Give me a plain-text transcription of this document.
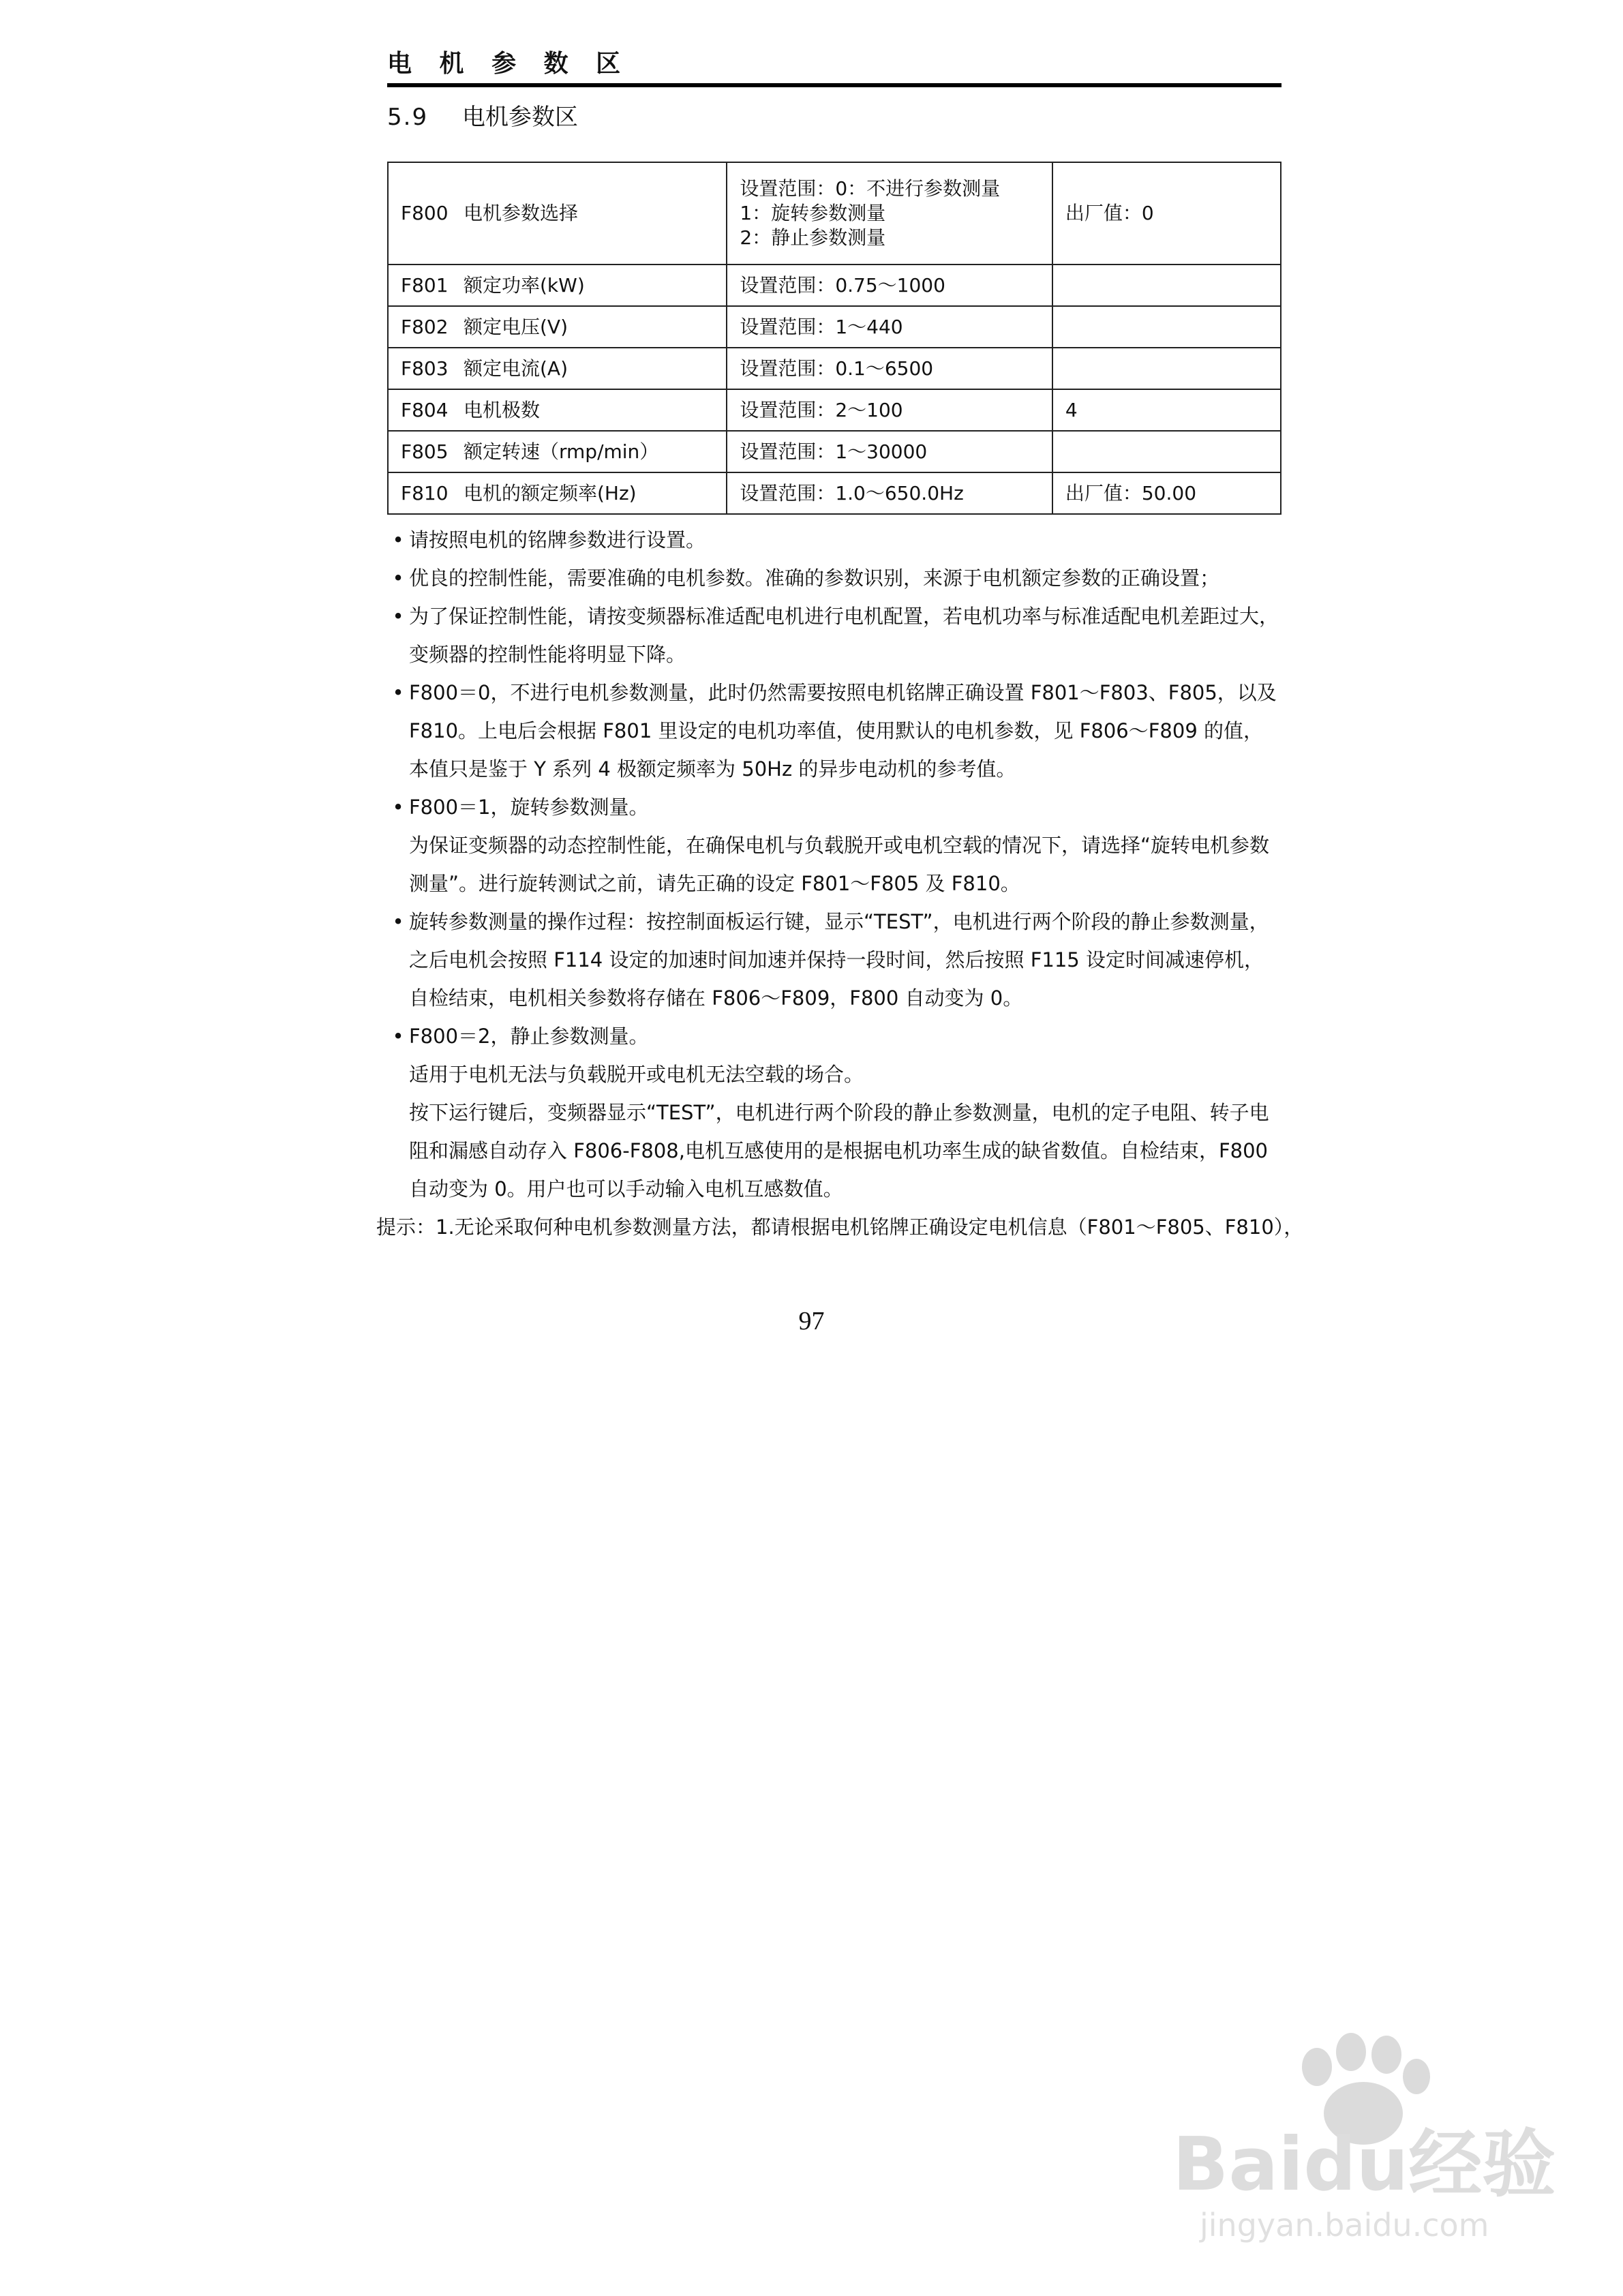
电 机 参 数 区
5.9 电机参数区
F800 电机参数选择	设置范围：0：不进行参数测量
1：旋转参数测量
2：静止参数测量	出厂值：0
F801 额定功率(kW)	设置范围：0.75～1000	
F802 额定电压(V)	设置范围：1～440	
F803 额定电流(A)	设置范围：0.1～6500	
F804 电机极数	设置范围：2～100	4
F805 额定转速（rmp/min）	设置范围：1～30000	
F810 电机的额定频率(Hz)	设置范围：1.0～650.0Hz	出厂值：50.00

• 请按照电机的铭牌参数进行设置。

• 优良的控制性能，需要准确的电机参数。准确的参数识别，来源于电机额定参数的正确设置；

• 为了保证控制性能，请按变频器标准适配电机进行电机配置，若电机功率与标准适配电机差距过大，变频器的控制性能将明显下降。

• F800＝0，不进行电机参数测量，此时仍然需要按照电机铭牌正确设置 F801～F803、F805，以及F810。上电后会根据 F801 里设定的电机功率值，使用默认的电机参数，见 F806～F809 的值，本值只是鉴于 Y 系列 4 极额定频率为 50Hz 的异步电动机的参考值。

• F800＝1，旋转参数测量。

为保证变频器的动态控制性能，在确保电机与负载脱开或电机空载的情况下，请选择“旋转电机参数测量”。进行旋转测试之前，请先正确的设定 F801～F805 及 F810。

• 旋转参数测量的操作过程：按控制面板运行键，显示“TEST”，电机进行两个阶段的静止参数测量，之后电机会按照 F114 设定的加速时间加速并保持一段时间，然后按照 F115 设定时间减速停机，自检结束，电机相关参数将存储在 F806～F809，F800 自动变为 0。

• F800＝2，静止参数测量。

适用于电机无法与负载脱开或电机无法空载的场合。

按下运行键后，变频器显示“TEST”，电机进行两个阶段的静止参数测量，电机的定子电阻、转子电阻和漏感自动存入 F806-F808,电机互感使用的是根据电机功率生成的缺省数值。自检结束，F800 自动变为 0。用户也可以手动输入电机互感数值。

提示：1.无论采取何种电机参数测量方法，都请根据电机铭牌正确设定电机信息（F801～F805、F810），

97
Baidu经验
jingyan.baidu.com
